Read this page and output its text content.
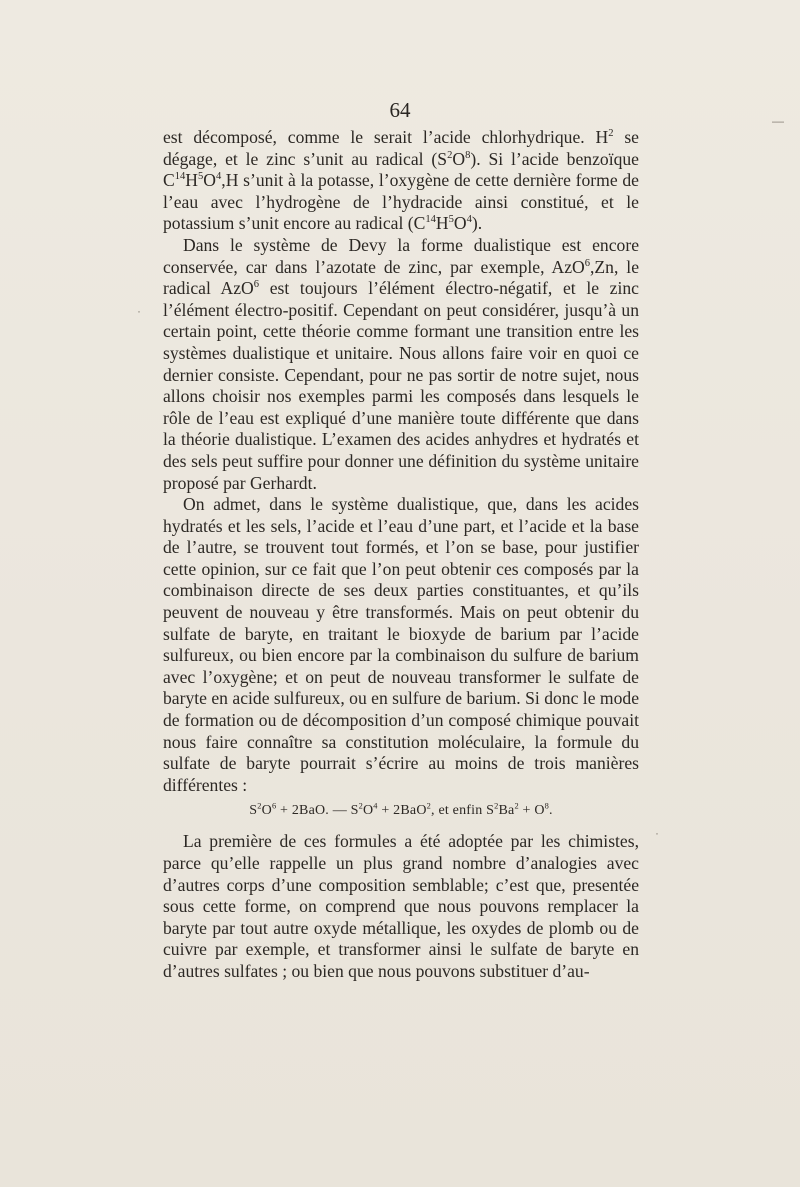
64

est décomposé, comme le serait l’acide chlorhydrique. $H^2$ se dégage, et le zinc s’unit au radical $(S^2O^8)$. Si l’acide benzoïque $C^{14}H^5O^4,H$ s’unit à la potasse, l’oxygène de cette dernière forme de l’eau avec l’hydrogène de l’hydracide ainsi constitué, et le potassium s’unit encore au radical $(C^{14}H^5O^4)$.

Dans le système de Devy la forme dualistique est encore conservée, car dans l’azotate de zinc, par exemple, AzO$^6$,Zn, le radical AzO$^6$ est toujours l’élément électro-négatif, et le zinc l’élément électro-positif. Cependant on peut considérer, jusqu’à un certain point, cette théorie comme formant une transition entre les systèmes dualistique et unitaire. Nous allons faire voir en quoi ce dernier consiste. Cependant, pour ne pas sortir de notre sujet, nous allons choisir nos exemples parmi les composés dans lesquels le rôle de l’eau est expliqué d’une manière toute différente que dans la théorie dualistique. L’examen des acides anhydres et hydratés et des sels peut suffire pour donner une définition du système unitaire proposé par Gerhardt.

On admet, dans le système dualistique, que, dans les acides hydratés et les sels, l’acide et l’eau d’une part, et l’acide et la base de l’autre, se trouvent tout formés, et l’on se base, pour justifier cette opinion, sur ce fait que l’on peut obtenir ces composés par la combinaison directe de ses deux parties constituantes, et qu’ils peuvent de nouveau y être transformés. Mais on peut obtenir du sulfate de baryte, en traitant le bioxyde de barium par l’acide sulfureux, ou bien encore par la combinaison du sulfure de barium avec l’oxygène; et on peut de nouveau transformer le sulfate de baryte en acide sulfureux, ou en sulfure de barium. Si donc le mode de formation ou de décomposition d’un composé chimique pouvait nous faire connaître sa constitution moléculaire, la formule du sulfate de baryte pourrait s’écrire au moins de trois manières différentes :

$S^2O^6 + 2BaO$. — $S^2O^4 + 2BaO^2$, et enfin $S^2Ba^2 + O^8$.

La première de ces formules a été adoptée par les chimistes, parce qu’elle rappelle un plus grand nombre d’analogies avec d’autres corps d’une composition semblable; c’est que, presentée sous cette forme, on comprend que nous pouvons remplacer la baryte par tout autre oxyde métallique, les oxydes de plomb ou de cuivre par exemple, et transformer ainsi le sulfate de baryte en d’autres sulfates ; ou bien que nous pouvons substituer d’au-

—
·
·
